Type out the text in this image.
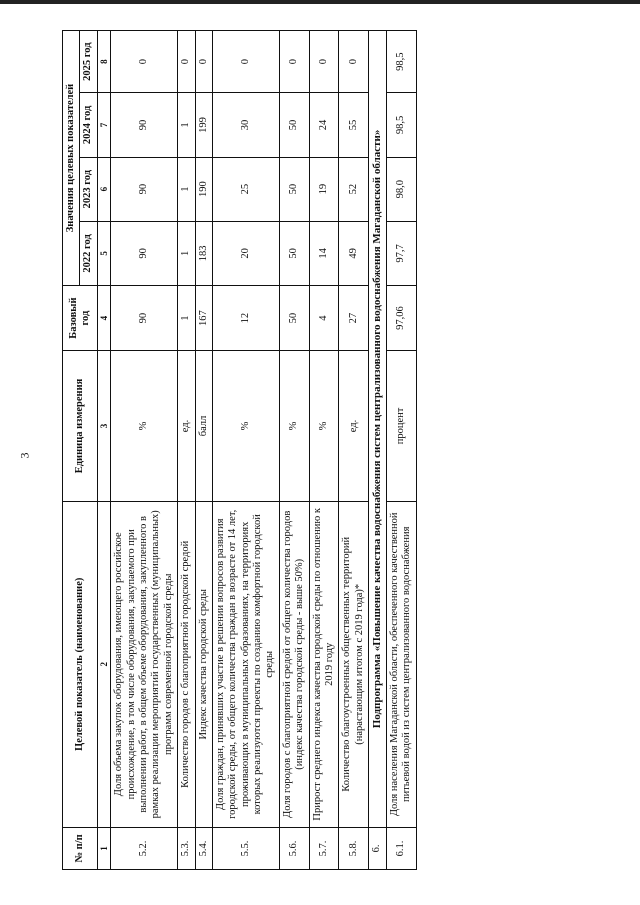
3
№ п/п	Целевой показатель (наименование)	Единица измерения	Базовый год	Значения целевых показателей			
				2022 год	2023 год	2024 год	2025 год
1	2	3	4	5	6	7	8
5.2.	Доля объема закупок оборудования, имеющего российское происхождение, в том числе оборудования, закупаемого при выполнении работ, в общем объеме оборудования, закупленного в рамках реализации мероприятий государственных (муниципальных) программ современной городской среды	%	90	90	90	90	0
5.3.	Количество городов с благоприятной городской средой	ед.	1	1	1	1	0
5.4.	Индекс качества городской среды	балл	167	183	190	199	0
5.5.	Доля граждан, принявших участие в решении вопросов развития городской среды, от общего количества граждан в возрасте от 14 лет, проживающих в муниципальных образованиях, на территориях которых реализуются проекты по созданию комфортной городской среды	%	12	20	25	30	0
5.6.	Доля городов с благоприятной средой от общего количества городов (индекс качества городской среды - выше 50%)	%	50	50	50	50	0
5.7.	Прирост среднего индекса качества городской среды по отношению к 2019 году	%	4	14	19	24	0
5.8.	Количество благоустроенных общественных территорий (нарастающим итогом с 2019 года)*	ед.	27	49	52	55	0
6.	Подпрограмма «Повышение качества водоснабжения систем централизованного водоснабжения Магаданской области»						
6.1.	Доля населения Магаданской области, обеспеченного качественной питьевой водой из систем централизованного водоснабжения	процент	97,06	97,7	98,0	98,5	98,5
